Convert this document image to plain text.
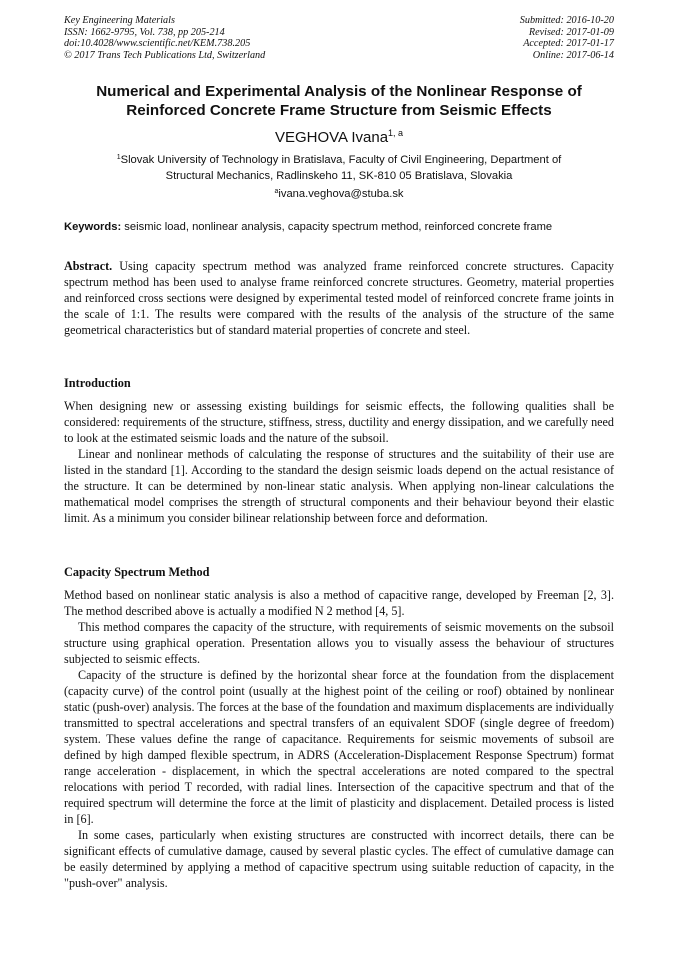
Key Engineering Materials
ISSN: 1662-9795, Vol. 738, pp 205-214
doi:10.4028/www.scientific.net/KEM.738.205
© 2017 Trans Tech Publications Ltd, Switzerland
Submitted: 2016-10-20
Revised: 2017-01-09
Accepted: 2017-01-17
Online: 2017-06-14
Numerical and Experimental Analysis of the Nonlinear Response of
Reinforced Concrete Frame Structure from Seismic Effects
VEGHOVA Ivana$^{1, a}$
$^1$Slovak University of Technology in Bratislava, Faculty of Civil Engineering, Department of
Structural Mechanics, Radlinskeho 11, SK-810 05 Bratislava, Slovakia
$^a$ivana.veghova@stuba.sk
Keywords: seismic load, nonlinear analysis, capacity spectrum method, reinforced concrete frame

Abstract. Using capacity spectrum method was analyzed frame reinforced concrete structures. Capacity spectrum method has been used to analyse frame reinforced concrete structures. Geometry, material properties and reinforced cross sections were designed by experimental tested model of reinforced concrete frame joints in the scale of 1:1. The results were compared with the results of the analysis of the structure of the same geometrical characteristics but of standard material properties of concrete and steel.

Introduction

When designing new or assessing existing buildings for seismic effects, the following qualities shall be considered: requirements of the structure, stiffness, stress, ductility and energy dissipation, and we carefully need to look at the estimated seismic loads and the nature of the subsoil.

Linear and nonlinear methods of calculating the response of structures and the suitability of their use are listed in the standard [1]. According to the standard the design seismic loads depend on the actual resistance of the structure. It can be determined by non-linear static analysis. When applying non-linear calculations the mathematical model comprises the strength of structural components and their behaviour beyond their elastic limit. As a minimum you consider bilinear relationship between force and deformation.

Capacity Spectrum Method

Method based on nonlinear static analysis is also a method of capacitive range, developed by Freeman [2, 3]. The method described above is actually a modified N 2 method [4, 5].

This method compares the capacity of the structure, with requirements of seismic movements on the subsoil structure using graphical operation. Presentation allows you to visually assess the behaviour of structures subjected to seismic effects.

Capacity of the structure is defined by the horizontal shear force at the foundation from the displacement (capacity curve) of the control point (usually at the highest point of the ceiling or roof) obtained by nonlinear static (push-over) analysis. The forces at the base of the foundation and maximum displacements are individually transmitted to spectral accelerations and spectral transfers of an equivalent SDOF (single degree of freedom) system. These values define the range of capacitance. Requirements for seismic movements of subsoil are defined by high damped flexible spectrum, in ADRS (Acceleration-Displacement Response Spectrum) format range acceleration - displacement, in which the spectral accelerations are noted compared to the spectral relocations with period T recorded, with radial lines. Intersection of the capacitive spectrum and that of the required spectrum will determine the force at the limit of plasticity and displacement. Detailed process is listed in [6].

In some cases, particularly when existing structures are constructed with incorrect details, there can be significant effects of cumulative damage, caused by several plastic cycles. The effect of cumulative damage can be easily determined by applying a method of capacitive spectrum using suitable reduction of capacity, in the "push-over" analysis.
